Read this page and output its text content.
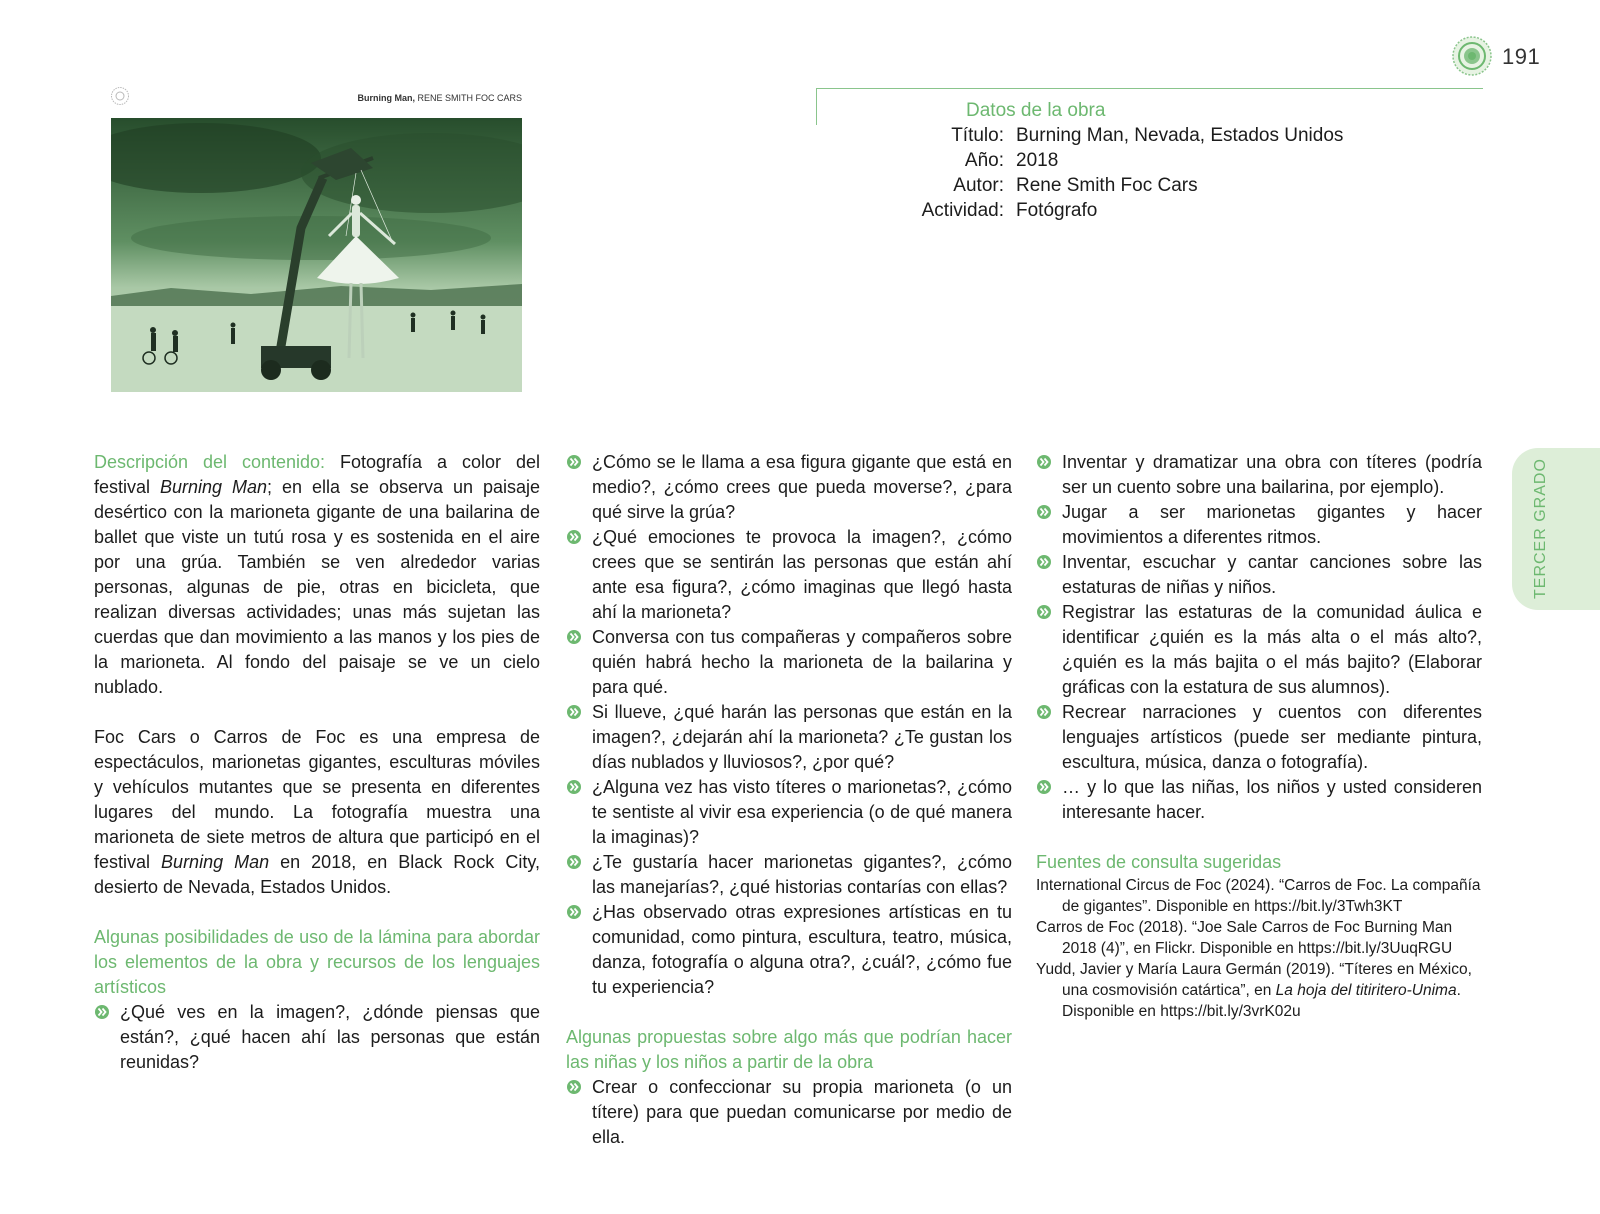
191
Burning Man, RENE SMITH FOC CARS
Datos de la obra
Título: Burning Man, Nevada, Estados Unidos
Año: 2018
Autor: Rene Smith Foc Cars
Actividad: Fotógrafo

Descripción del contenido: Fotografía a color del festival Burning Man; en ella se observa un paisaje desértico con la marioneta gigante de una bailarina de ballet que viste un tutú rosa y es sostenida en el aire por una grúa. También se ven alrededor varias personas, algunas de pie, otras en bicicleta, que realizan diversas actividades; unas más sujetan las cuerdas que dan movimiento a las manos y los pies de la marioneta. Al fondo del paisaje se ve un cielo nublado.

Foc Cars o Carros de Foc es una empresa de espectáculos, marionetas gigantes, esculturas móviles y vehículos mutantes que se presenta en diferentes lugares del mundo. La fotografía muestra una marioneta de siete metros de altura que participó en el festival Burning Man en 2018, en Black Rock City, desierto de Nevada, Estados Unidos.

Algunas posibilidades de uso de la lámina para abordar los elementos de la obra y recursos de los lenguajes artísticos

¿Qué ves en la imagen?, ¿dónde piensas que están?, ¿qué hacen ahí las personas que están reunidas?
¿Cómo se le llama a esa figura gigante que está en medio?, ¿cómo crees que pueda moverse?, ¿para qué sirve la grúa?
¿Qué emociones te provoca la imagen?, ¿cómo crees que se sentirán las personas que están ahí ante esa figura?, ¿cómo imaginas que llegó hasta ahí la marioneta?
Conversa con tus compañeras y compañeros sobre quién habrá hecho la marioneta de la bailarina y para qué.
Si llueve, ¿qué harán las personas que están en la imagen?, ¿dejarán ahí la marioneta? ¿Te gustan los días nublados y lluviosos?, ¿por qué?
¿Alguna vez has visto títeres o marionetas?, ¿cómo te sentiste al vivir esa experiencia (o de qué manera la imaginas)?
¿Te gustaría hacer marionetas gigantes?, ¿cómo las manejarías?, ¿qué historias contarías con ellas?
¿Has observado otras expresiones artísticas en tu comunidad, como pintura, escultura, teatro, música, danza, fotografía o alguna otra?, ¿cuál?, ¿cómo fue tu experiencia?

Algunas propuestas sobre algo más que podrían hacer las niñas y los niños a partir de la obra

Crear o confeccionar su propia marioneta (o un títere) para que puedan comunicarse por medio de ella.
Inventar y dramatizar una obra con títeres (podría ser un cuento sobre una bailarina, por ejemplo).
Jugar a ser marionetas gigantes y hacer movimientos a diferentes ritmos.
Inventar, escuchar y cantar canciones sobre las estaturas de niñas y niños.
Registrar las estaturas de la comunidad áulica e identificar ¿quién es la más alta o el más alto?, ¿quién es la más bajita o el más bajito? (Elaborar gráficas con la estatura de sus alumnos).
Recrear narraciones y cuentos con diferentes lenguajes artísticos (puede ser mediante pintura, escultura, música, danza o fotografía).
… y lo que las niñas, los niños y usted consideren interesante hacer.

Fuentes de consulta sugeridas

International Circus de Foc (2024). “Carros de Foc. La compañía de gigantes”. Disponible en https://bit.ly/3Twh3KT
Carros de Foc (2018). “Joe Sale Carros de Foc Burning Man 2018 (4)”, en Flickr. Disponible en https://bit.ly/3UuqRGU
Yudd, Javier y María Laura Germán (2019). “Títeres en México, una cosmovisión catártica”, en La hoja del titiritero-Unima. Disponible en https://bit.ly/3vrK02u
TERCER GRADO
